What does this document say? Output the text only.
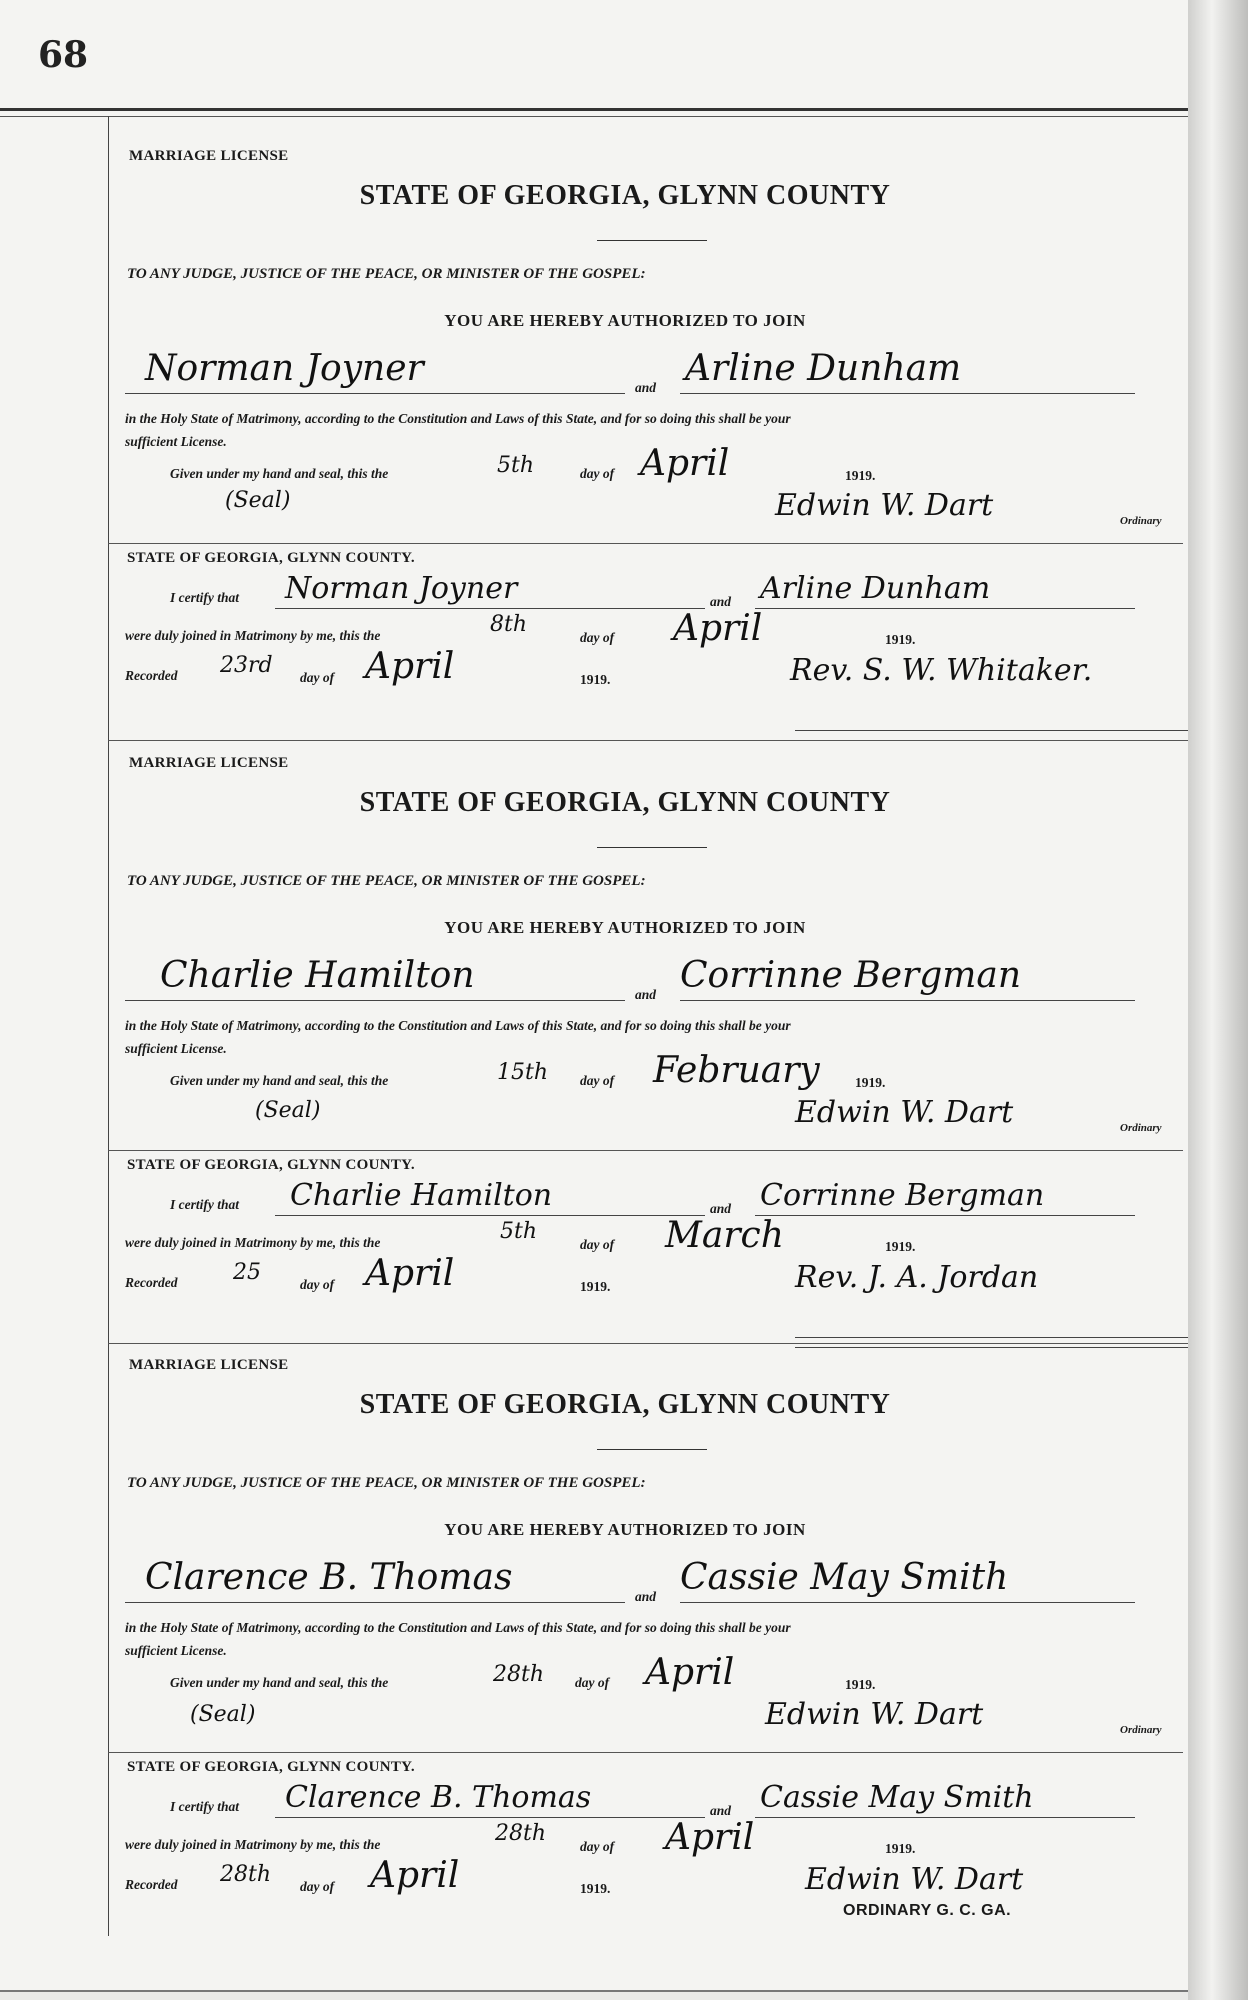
68
MARRIAGE LICENSE
STATE OF GEORGIA, GLYNN COUNTY
TO ANY JUDGE, JUSTICE OF THE PEACE, OR MINISTER OF THE GOSPEL:
YOU ARE HEREBY AUTHORIZED TO JOIN
Norman Joyner	and Arline Dunham
in the Holy State of Matrimony, according to the Constitution and Laws of this State, and for so doing this shall be your
sufficient License.
Given under my hand and seal, this the	5th	day of April	1919.
(Seal)	Edwin W. Dart	Ordinary
STATE OF GEORGIA, GLYNN COUNTY.
I certify that Norman Joyner	and Arline Dunham
were duly joined in Matrimony by me, this the	8th
day of April	1919.
Recorded 23rd day of April	1919.	Rev. S. W. Whitaker.
MARRIAGE LICENSE
STATE OF GEORGIA, GLYNN COUNTY
TO ANY JUDGE, JUSTICE OF THE PEACE, OR MINISTER OF THE GOSPEL:
YOU ARE HEREBY AUTHORIZED TO JOIN
Charlie Hamilton	and Corrinne Bergman
in the Holy State of Matrimony, according to the Constitution and Laws of this State, and for so doing this shall be your
sufficient License.
Given under my hand and seal, this the	15th day of February	1919.
(Seal)	Edwin W. Dart	Ordinary
STATE OF GEORGIA, GLYNN COUNTY.
I certify that Charlie Hamilton	and Corrinne Bergman
were duly joined in Matrimony by me, this the	5th
day of March	1919.
Recorded	25	day of April	1919.	Rev. J. A. Jordan
MARRIAGE LICENSE
STATE OF GEORGIA, GLYNN COUNTY
TO ANY JUDGE, JUSTICE OF THE PEACE, OR MINISTER OF THE GOSPEL:
YOU ARE HEREBY AUTHORIZED TO JOIN
Clarence B. Thomas	and Cassie May Smith
in the Holy State of Matrimony, according to the Constitution and Laws of this State, and for so doing this shall be your
sufficient License.
Given under my hand and seal, this the	28th day of April	1919.
(Seal)	Edwin W. Dart	Ordinary
STATE OF GEORGIA, GLYNN COUNTY.
I certify that Clarence B. Thomas	and Cassie May Smith
were duly joined in Matrimony by me, this the	28th
day of April	1919.
Recorded 28th day of April	1919.	Edwin W. Dart
ORDINARY G. C. GA.
